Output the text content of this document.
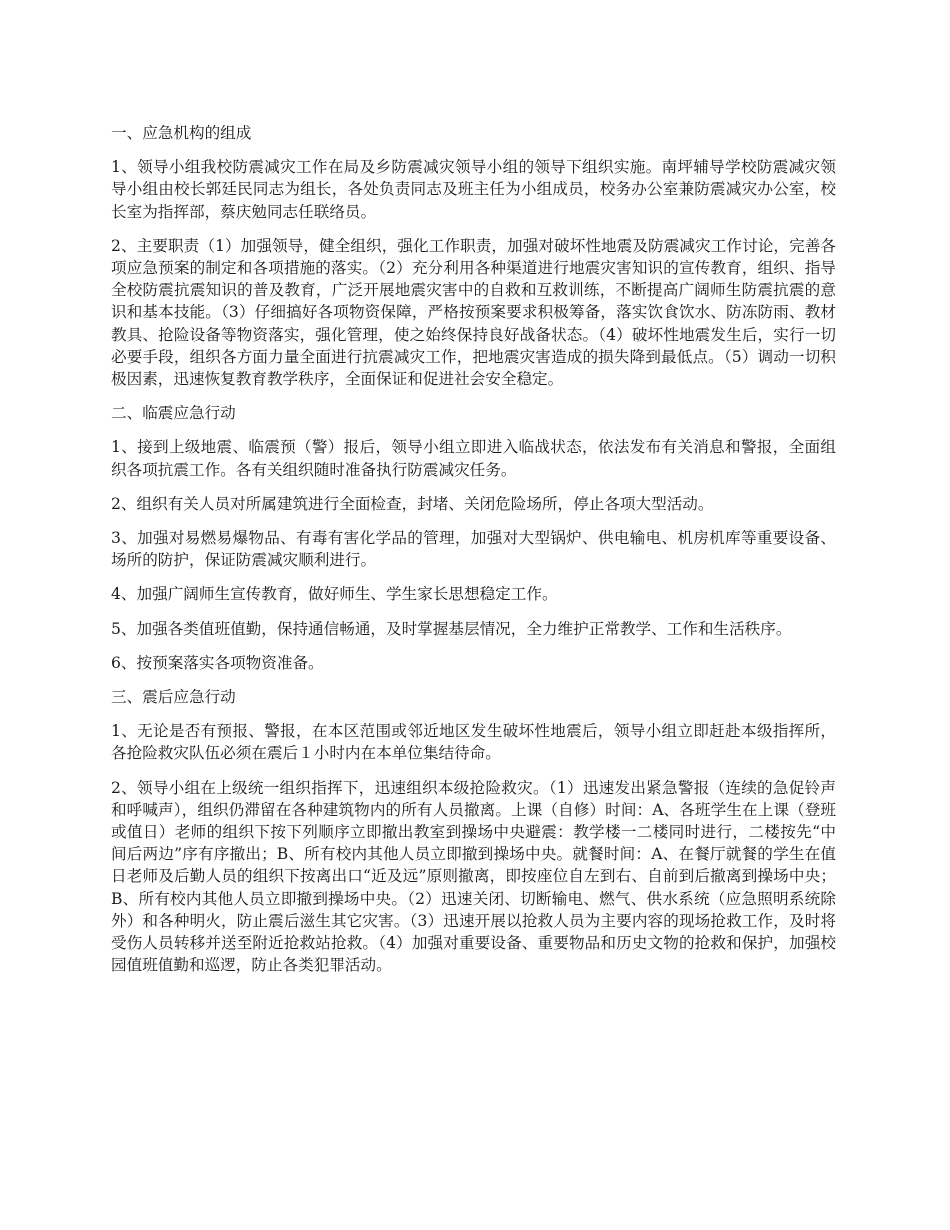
一、应急机构的组成

1、领导小组我校防震减灾工作在局及乡防震减灾领导小组的领导下组织实施。南坪辅导学校防震减灾领导小组由校长郭廷民同志为组长，各处负责同志及班主任为小组成员，校务办公室兼防震减灾办公室，校长室为指挥部，蔡庆勉同志任联络员。

2、主要职责（1）加强领导，健全组织，强化工作职责，加强对破坏性地震及防震减灾工作讨论，完善各项应急预案的制定和各项措施的落实。（2）充分利用各种渠道进行地震灾害知识的宣传教育，组织、指导全校防震抗震知识的普及教育，广泛开展地震灾害中的自救和互救训练，不断提高广阔师生防震抗震的意识和基本技能。（3）仔细搞好各项物资保障，严格按预案要求积极筹备，落实饮食饮水、防冻防雨、教材教具、抢险设备等物资落实，强化管理，使之始终保持良好战备状态。（4）破坏性地震发生后，实行一切必要手段，组织各方面力量全面进行抗震减灾工作，把地震灾害造成的损失降到最低点。（5）调动一切积极因素，迅速恢复教育教学秩序，全面保证和促进社会安全稳定。

二、临震应急行动

1、接到上级地震、临震预（警）报后，领导小组立即进入临战状态，依法发布有关消息和警报，全面组织各项抗震工作。各有关组织随时准备执行防震减灾任务。

2、组织有关人员对所属建筑进行全面检查，封堵、关闭危险场所，停止各项大型活动。

3、加强对易燃易爆物品、有毒有害化学品的管理，加强对大型锅炉、供电输电、机房机库等重要设备、场所的防护，保证防震减灾顺利进行。

4、加强广阔师生宣传教育，做好师生、学生家长思想稳定工作。

5、加强各类值班值勤，保持通信畅通，及时掌握基层情况，全力维护正常教学、工作和生活秩序。

6、按预案落实各项物资准备。

三、震后应急行动

1、无论是否有预报、警报，在本区范围或邻近地区发生破坏性地震后，领导小组立即赶赴本级指挥所，各抢险救灾队伍必须在震后１小时内在本单位集结待命。

2、领导小组在上级统一组织指挥下，迅速组织本级抢险救灾。（1）迅速发出紧急警报（连续的急促铃声和呼喊声），组织仍滞留在各种建筑物内的所有人员撤离。上课（自修）时间：A、各班学生在上课（登班或值日）老师的组织下按下列顺序立即撤出教室到操场中央避震：教学楼一二楼同时进行，二楼按先“中间后两边”序有序撤出；B、所有校内其他人员立即撤到操场中央。就餐时间：A、在餐厅就餐的学生在值日老师及后勤人员的组织下按离出口“近及远”原则撤离，即按座位自左到右、自前到后撤离到操场中央；B、所有校内其他人员立即撤到操场中央。（2）迅速关闭、切断输电、燃气、供水系统（应急照明系统除外）和各种明火，防止震后滋生其它灾害。（3）迅速开展以抢救人员为主要内容的现场抢救工作，及时将受伤人员转移并送至附近抢救站抢救。（4）加强对重要设备、重要物品和历史文物的抢救和保护，加强校园值班值勤和巡逻，防止各类犯罪活动。
